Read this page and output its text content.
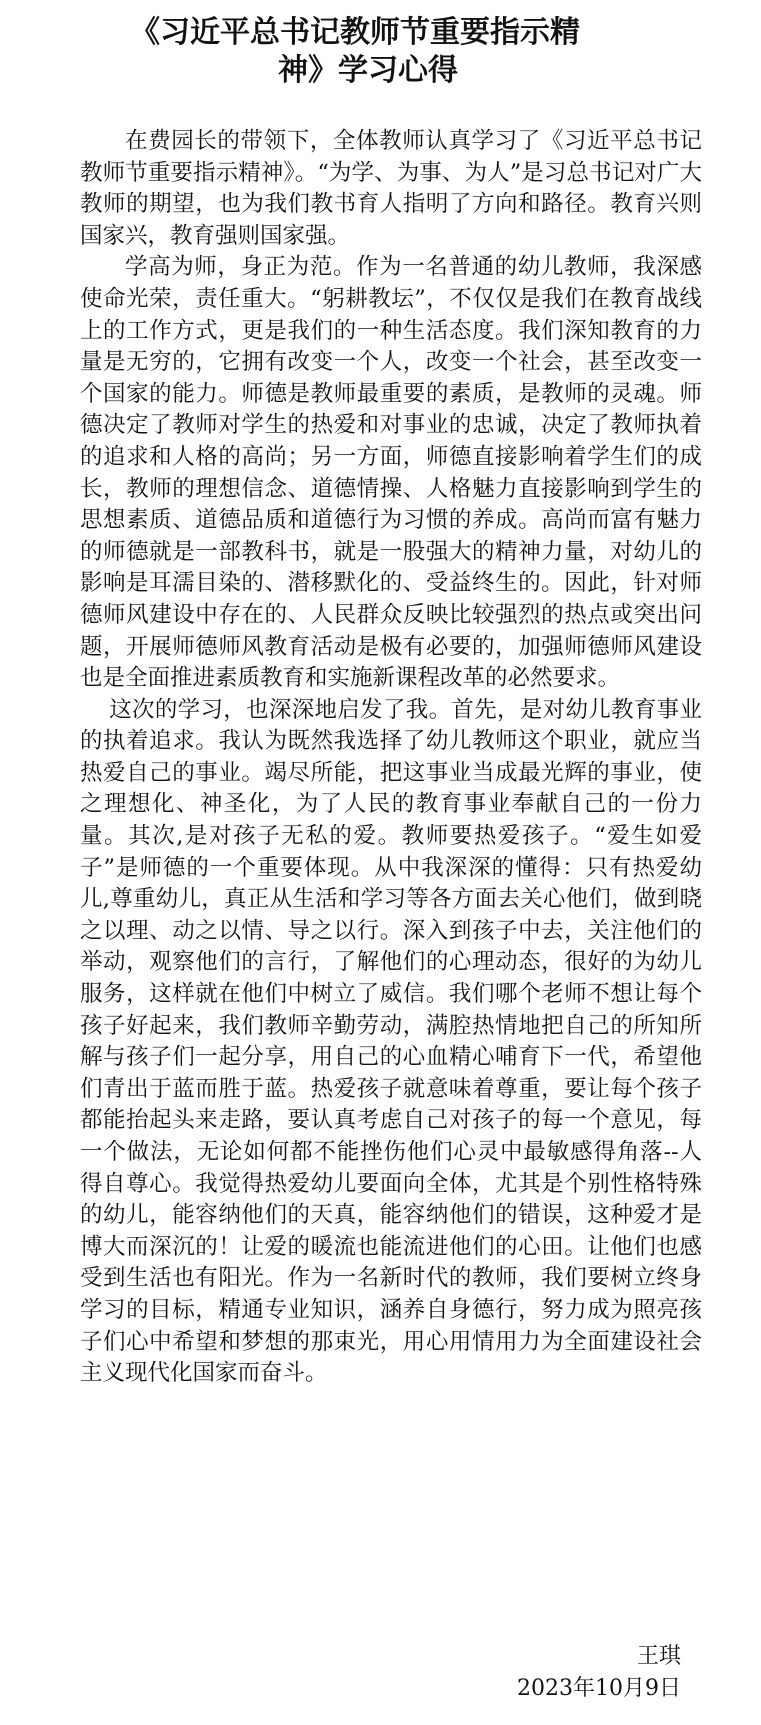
《习近平总书记教师节重要指示精
神》学习心得

在费园长的带领下，全体教师认真学习了《习近平总书记教师节重要指示精神》。“为学、为事、为人”是习总书记对广大教师的期望，也为我们教书育人指明了方向和路径。教育兴则国家兴，教育强则国家强。

学高为师，身正为范。作为一名普通的幼儿教师，我深感使命光荣，责任重大。“躬耕教坛”，不仅仅是我们在教育战线上的工作方式，更是我们的一种生活态度。我们深知教育的力量是无穷的，它拥有改变一个人，改变一个社会，甚至改变一个国家的能力。师德是教师最重要的素质，是教师的灵魂。师德决定了教师对学生的热爱和对事业的忠诚，决定了教师执着的追求和人格的高尚；另一方面，师德直接影响着学生们的成长，教师的理想信念、道德情操、人格魅力直接影响到学生的思想素质、道德品质和道德行为习惯的养成。高尚而富有魅力的师德就是一部教科书，就是一股强大的精神力量，对幼儿的影响是耳濡目染的、潜移默化的、受益终生的。因此，针对师德师风建设中存在的、人民群众反映比较强烈的热点或突出问题，开展师德师风教育活动是极有必要的，加强师德师风建设也是全面推进素质教育和实施新课程改革的必然要求。

这次的学习，也深深地启发了我。首先，是对幼儿教育事业的执着追求。我认为既然我选择了幼儿教师这个职业，就应当热爱自己的事业。竭尽所能，把这事业当成最光辉的事业，使之理想化、神圣化，为了人民的教育事业奉献自己的一份力量。其次,是对孩子无私的爱。教师要热爱孩子。“爱生如爱子”是师德的一个重要体现。从中我深深的懂得：只有热爱幼儿,尊重幼儿，真正从生活和学习等各方面去关心他们，做到晓之以理、动之以情、导之以行。深入到孩子中去，关注他们的举动，观察他们的言行，了解他们的心理动态，很好的为幼儿服务，这样就在他们中树立了威信。我们哪个老师不想让每个孩子好起来，我们教师辛勤劳动，满腔热情地把自己的所知所解与孩子们一起分享，用自己的心血精心哺育下一代，希望他们青出于蓝而胜于蓝。热爱孩子就意味着尊重，要让每个孩子都能抬起头来走路，要认真考虑自己对孩子的每一个意见，每一个做法，无论如何都不能挫伤他们心灵中最敏感得角落--人得自尊心。我觉得热爱幼儿要面向全体，尤其是个别性格特殊的幼儿，能容纳他们的天真，能容纳他们的错误，这种爱才是博大而深沉的！让爱的暖流也能流进他们的心田。让他们也感受到生活也有阳光。作为一名新时代的教师，我们要树立终身学习的目标，精通专业知识，涵养自身德行，努力成为照亮孩子们心中希望和梦想的那束光，用心用情用力为全面建设社会主义现代化国家而奋斗。

王琪
2023年10月9日
